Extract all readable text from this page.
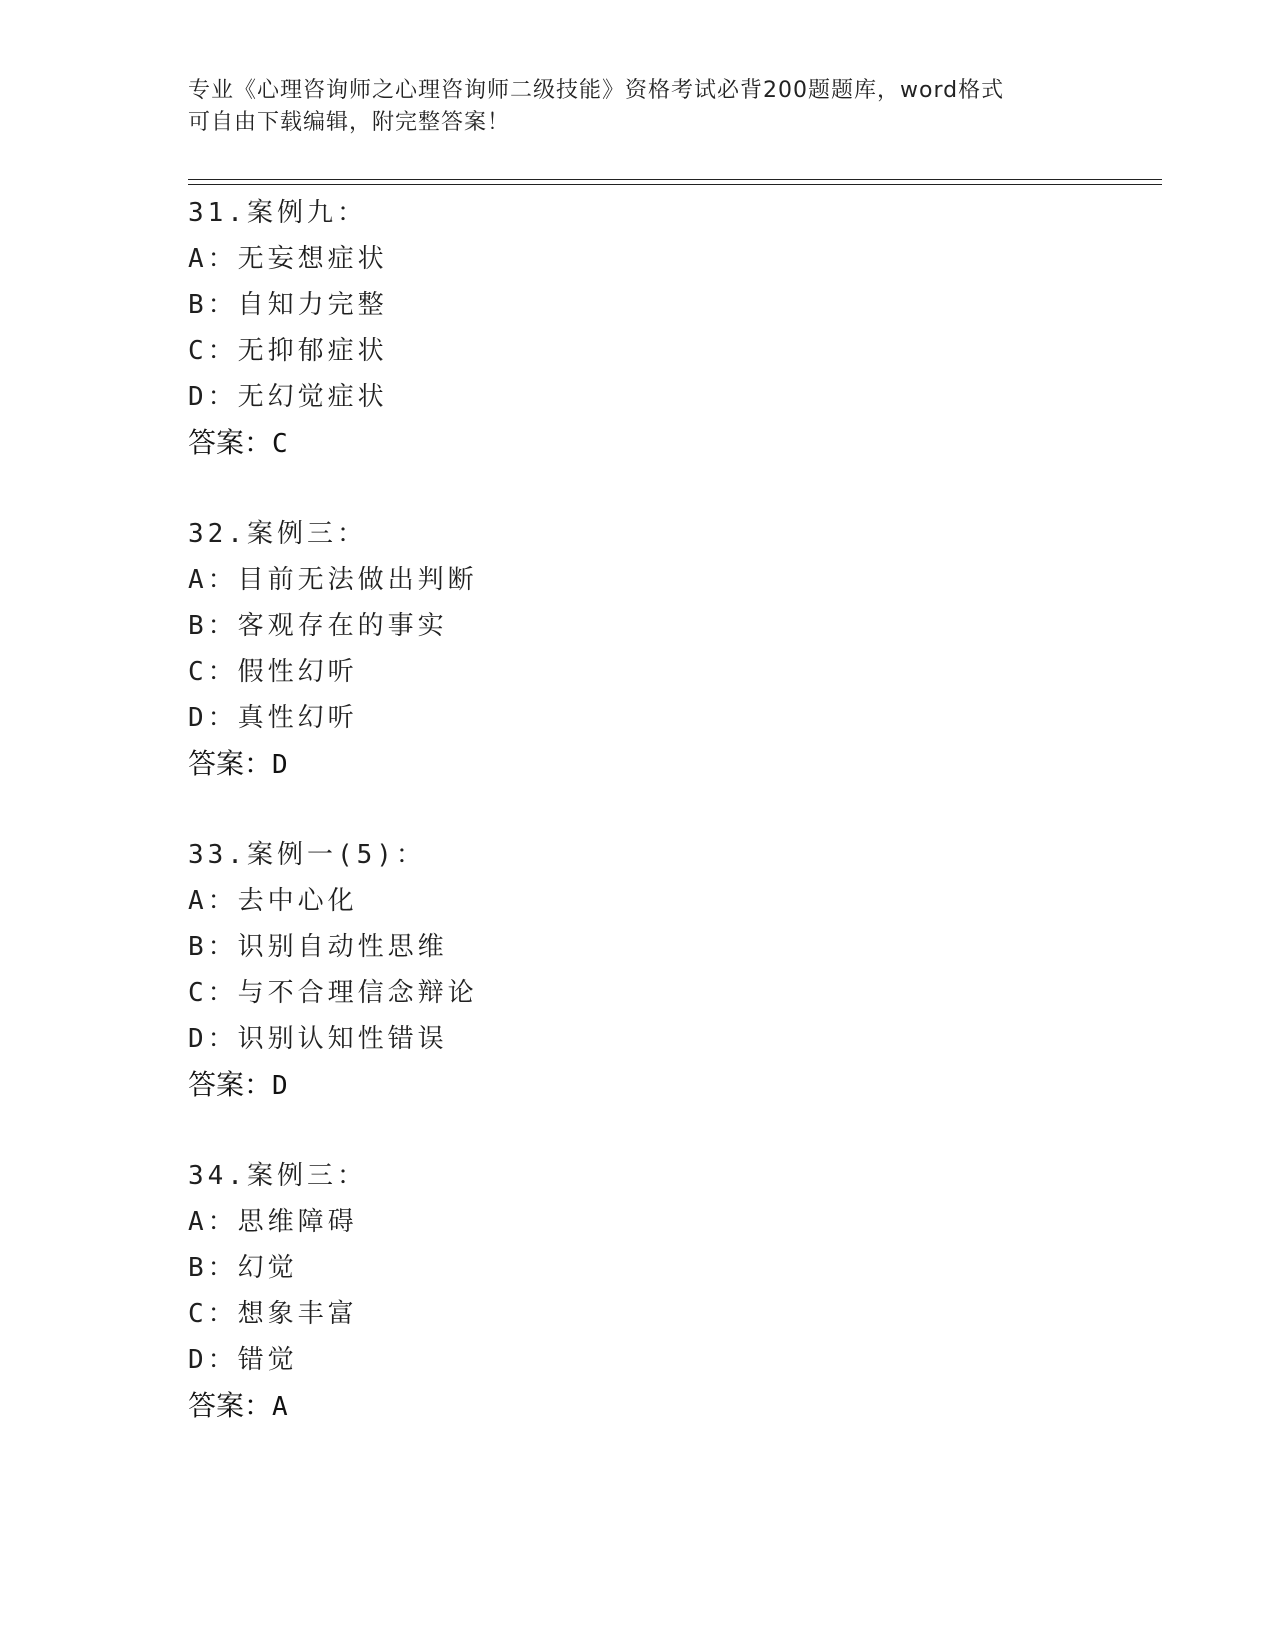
专业《心理咨询师之心理咨询师二级技能》资格考试必背200题题库，word格式
可自由下载编辑，附完整答案！
31.案例九：
A：无妄想症状
B：自知力完整
C：无抑郁症状
D：无幻觉症状
答案：C
32.案例三：
A：目前无法做出判断
B：客观存在的事实
C：假性幻听
D：真性幻听
答案：D
33.案例一(5)：
A：去中心化
B：识别自动性思维
C：与不合理信念辩论
D：识别认知性错误
答案：D
34.案例三：
A：思维障碍
B：幻觉
C：想象丰富
D：错觉
答案：A
